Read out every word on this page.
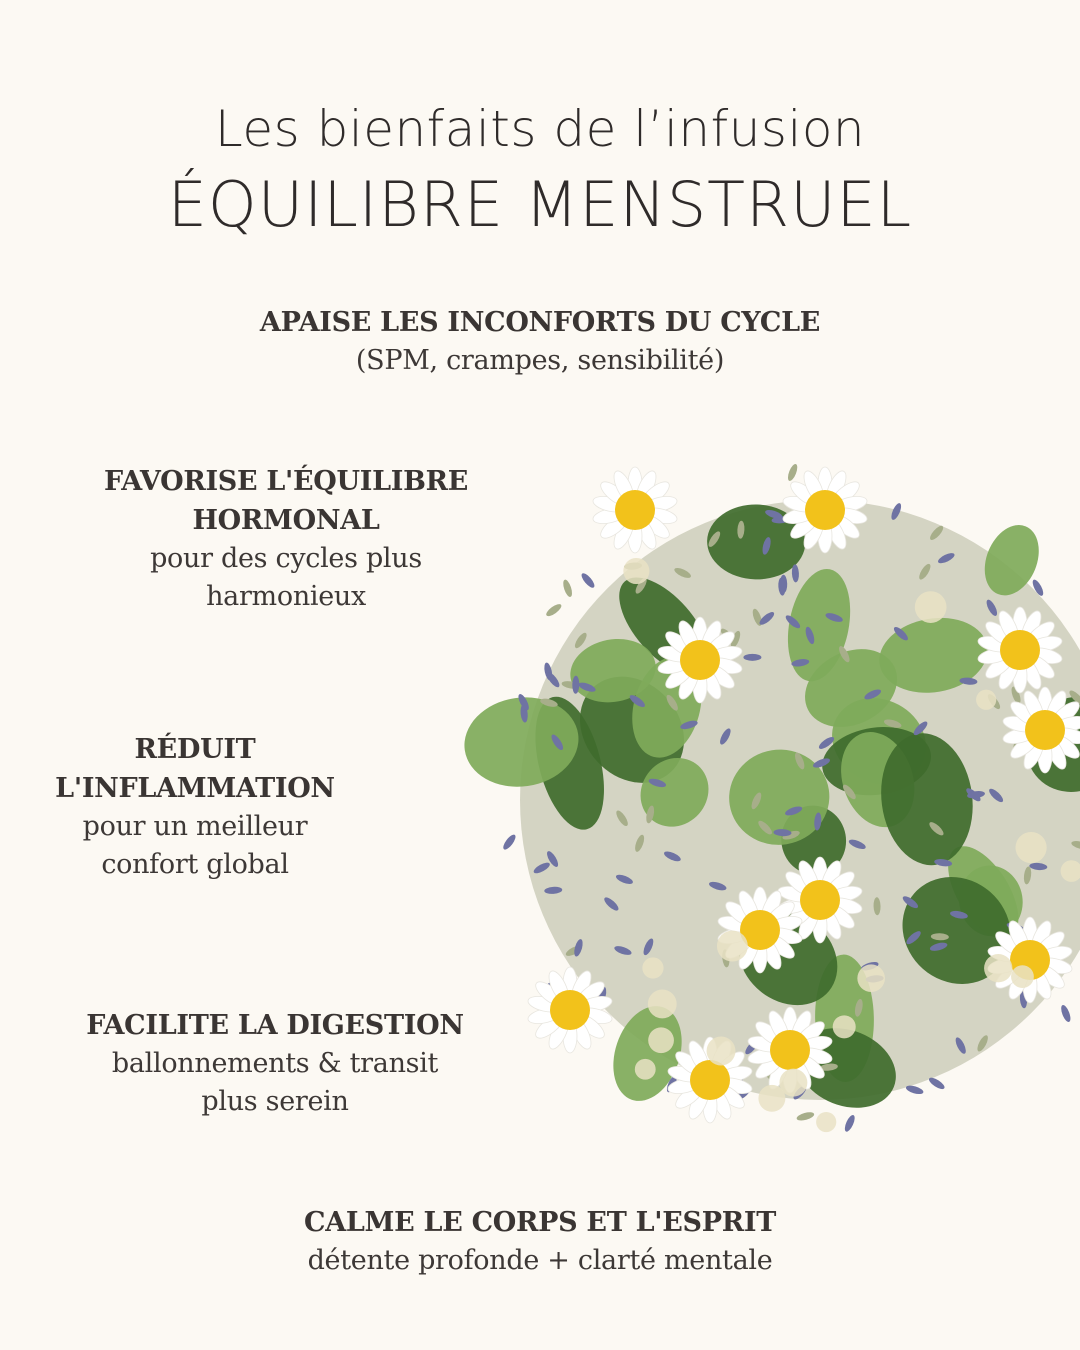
Les bienfaits de l’infusion
ÉQUILIBRE MENSTRUEL
APAISE LES INCONFORTS DU CYCLE
(SPM, crampes, sensibilité)
FAVORISE L'ÉQUILIBRE
HORMONAL
pour des cycles plus
harmonieux
RÉDUIT
L'INFLAMMATION
pour un meilleur
confort global
FACILITE LA DIGESTION
ballonnements & transit
plus serein
CALME LE CORPS ET L'ESPRIT
détente profonde + clarté mentale
